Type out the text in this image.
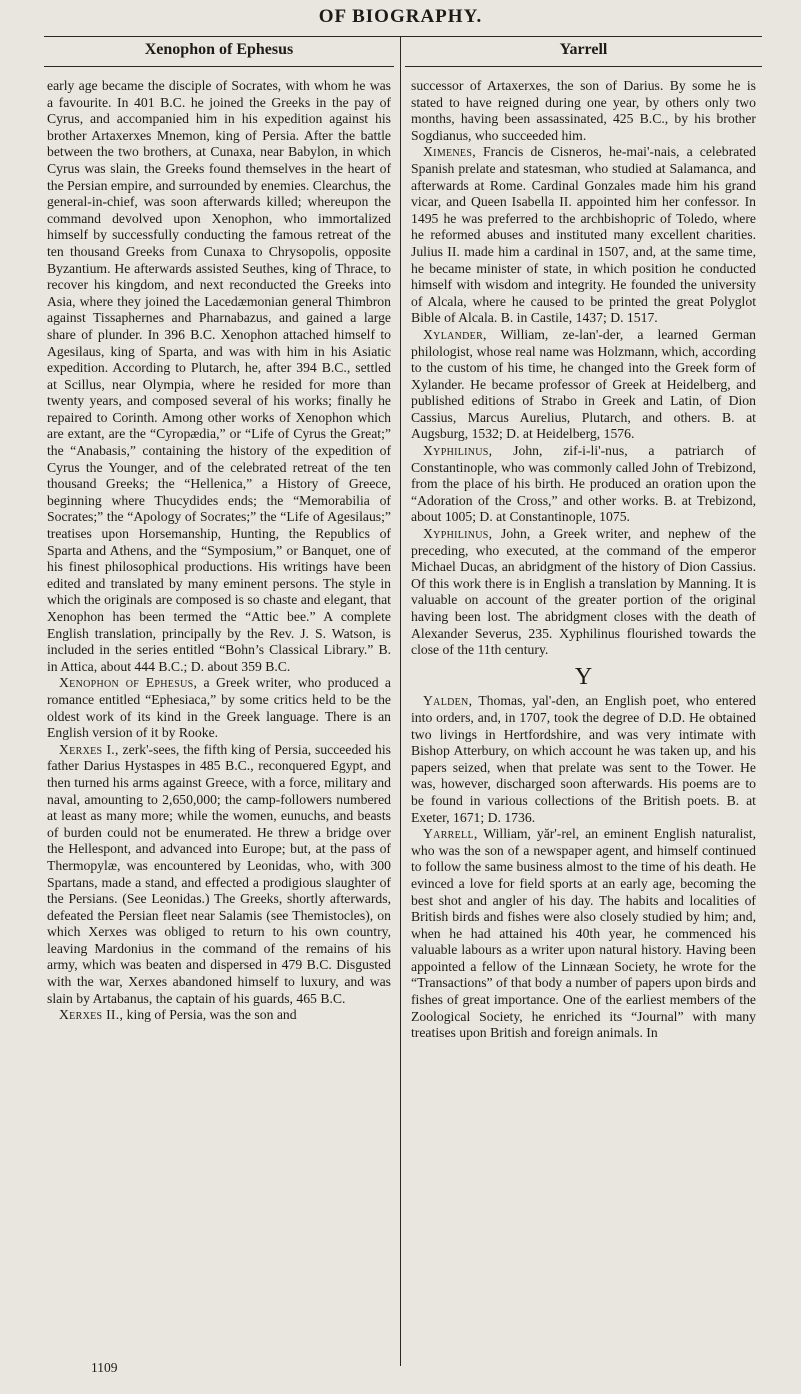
OF BIOGRAPHY.
Xenophon of Ephesus	Yarrell

early age became the disciple of Socrates, with whom he was a favourite. In 401 B.C. he joined the Greeks in the pay of Cyrus, and accompanied him in his expedition against his brother Artaxerxes Mnemon, king of Persia. After the battle between the two brothers, at Cunaxa, near Babylon, in which Cyrus was slain, the Greeks found themselves in the heart of the Persian empire, and surrounded by enemies. Clearchus, the general-in-chief, was soon afterwards killed; whereupon the command devolved upon Xenophon, who immortalized himself by successfully conducting the famous retreat of the ten thousand Greeks from Cunaxa to Chrysopolis, opposite Byzantium. He afterwards assisted Seuthes, king of Thrace, to recover his kingdom, and next reconducted the Greeks into Asia, where they joined the Lacedæmonian general Thimbron against Tissaphernes and Pharnabazus, and gained a large share of plunder. In 396 B.C. Xenophon attached himself to Agesilaus, king of Sparta, and was with him in his Asiatic expedition. According to Plutarch, he, after 394 B.C., settled at Scillus, near Olympia, where he resided for more than twenty years, and composed several of his works; finally he repaired to Corinth. Among other works of Xenophon which are extant, are the “Cyropædia,” or “Life of Cyrus the Great;” the “Anabasis,” containing the history of the expedition of Cyrus the Younger, and of the celebrated retreat of the ten thousand Greeks; the “Hellenica,” a History of Greece, beginning where Thucydides ends; the “Memorabilia of Socrates;” the “Apology of Socrates;” the “Life of Agesilaus;” treatises upon Horsemanship, Hunting, the Republics of Sparta and Athens, and the “Symposium,” or Banquet, one of his finest philosophical productions. His writings have been edited and translated by many eminent persons. The style in which the originals are composed is so chaste and elegant, that Xenophon has been termed the “Attic bee.” A complete English translation, principally by the Rev. J. S. Watson, is included in the series entitled “Bohn’s Classical Library.” B. in Attica, about 444 B.C.; D. about 359 B.C.

Xenophon of Ephesus, a Greek writer, who produced a romance entitled “Ephesiaca,” by some critics held to be the oldest work of its kind in the Greek language. There is an English version of it by Rooke.

Xerxes I., zerk'-sees, the fifth king of Persia, succeeded his father Darius Hystaspes in 485 B.C., reconquered Egypt, and then turned his arms against Greece, with a force, military and naval, amounting to 2,650,000; the camp-followers numbered at least as many more; while the women, eunuchs, and beasts of burden could not be enumerated. He threw a bridge over the Hellespont, and advanced into Europe; but, at the pass of Thermopylæ, was encountered by Leonidas, who, with 300 Spartans, made a stand, and effected a prodigious slaughter of the Persians. (See Leonidas.) The Greeks, shortly afterwards, defeated the Persian fleet near Salamis (see Themistocles), on which Xerxes was obliged to return to his own country, leaving Mardonius in the command of the remains of his army, which was beaten and dispersed in 479 B.C. Disgusted with the war, Xerxes abandoned himself to luxury, and was slain by Artabanus, the captain of his guards, 465 B.C.

Xerxes II., king of Persia, was the son and

successor of Artaxerxes, the son of Darius. By some he is stated to have reigned during one year, by others only two months, having been assassinated, 425 B.C., by his brother Sogdianus, who succeeded him.

Ximenes, Francis de Cisneros, he-mai'-nais, a celebrated Spanish prelate and statesman, who studied at Salamanca, and afterwards at Rome. Cardinal Gonzales made him his grand vicar, and Queen Isabella II. appointed him her confessor. In 1495 he was preferred to the archbishopric of Toledo, where he reformed abuses and instituted many excellent charities. Julius II. made him a cardinal in 1507, and, at the same time, he became minister of state, in which position he conducted himself with wisdom and integrity. He founded the university of Alcala, where he caused to be printed the great Polyglot Bible of Alcala. B. in Castile, 1437; D. 1517.

Xylander, William, ze-lan'-der, a learned German philologist, whose real name was Holzmann, which, according to the custom of his time, he changed into the Greek form of Xylander. He became professor of Greek at Heidelberg, and published editions of Strabo in Greek and Latin, of Dion Cassius, Marcus Aurelius, Plutarch, and others. B. at Augsburg, 1532; D. at Heidelberg, 1576.

Xyphilinus, John, zif-i-li'-nus, a patriarch of Constantinople, who was commonly called John of Trebizond, from the place of his birth. He produced an oration upon the “Adoration of the Cross,” and other works. B. at Trebizond, about 1005; D. at Constantinople, 1075.

Xyphilinus, John, a Greek writer, and nephew of the preceding, who executed, at the command of the emperor Michael Ducas, an abridgment of the history of Dion Cassius. Of this work there is in English a translation by Manning. It is valuable on account of the greater portion of the original having been lost. The abridgment closes with the death of Alexander Severus, 235. Xyphilinus flourished towards the close of the 11th century.

Y

Yalden, Thomas, yal'-den, an English poet, who entered into orders, and, in 1707, took the degree of D.D. He obtained two livings in Hertfordshire, and was very intimate with Bishop Atterbury, on which account he was taken up, and his papers seized, when that prelate was sent to the Tower. He was, however, discharged soon afterwards. His poems are to be found in various collections of the British poets. B. at Exeter, 1671; D. 1736.

Yarrell, William, yăr'-rel, an eminent English naturalist, who was the son of a newspaper agent, and himself continued to follow the same business almost to the time of his death. He evinced a love for field sports at an early age, becoming the best shot and angler of his day. The habits and localities of British birds and fishes were also closely studied by him; and, when he had attained his 40th year, he commenced his valuable labours as a writer upon natural history. Having been appointed a fellow of the Linnæan Society, he wrote for the “Transactions” of that body a number of papers upon birds and fishes of great importance. One of the earliest members of the Zoological Society, he enriched its “Journal” with many treatises upon British and foreign animals. In

1109
